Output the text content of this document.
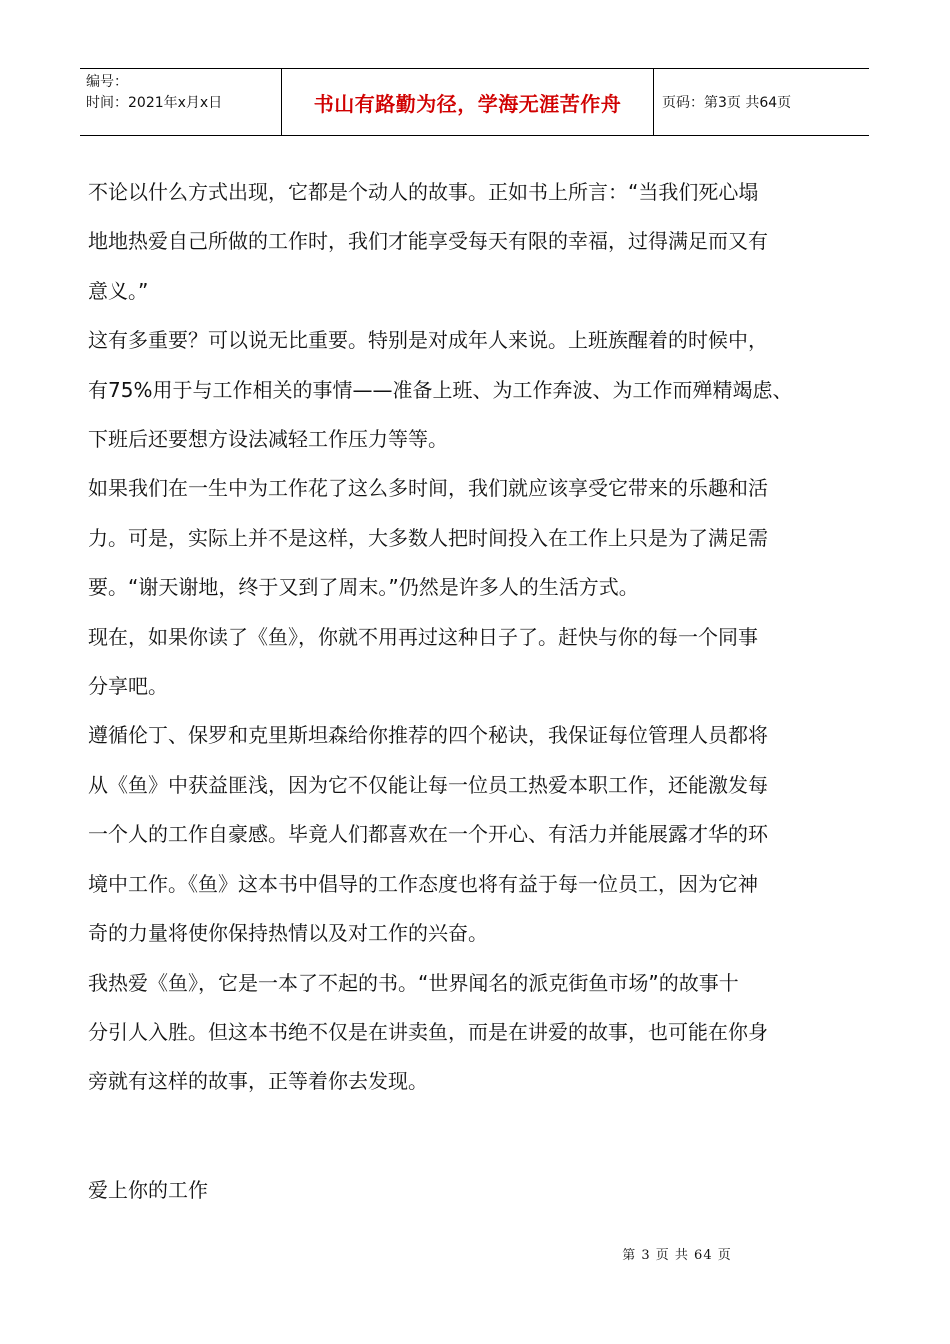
编号：
时间：2021年x月x日	书山有路勤为径，学海无涯苦作舟	页码：第3页 共64页

不论以什么方式出现，它都是个动人的故事。正如书上所言：“当我们死心塌

地地热爱自己所做的工作时，我们才能享受每天有限的幸福，过得满足而又有

意义。”

这有多重要？可以说无比重要。特别是对成年人来说。上班族醒着的时候中，

有75%用于与工作相关的事情——准备上班、为工作奔波、为工作而殚精竭虑、

下班后还要想方设法减轻工作压力等等。

如果我们在一生中为工作花了这么多时间，我们就应该享受它带来的乐趣和活

力。可是，实际上并不是这样，大多数人把时间投入在工作上只是为了满足需

要。“谢天谢地，终于又到了周末。”仍然是许多人的生活方式。

现在，如果你读了《鱼》，你就不用再过这种日子了。赶快与你的每一个同事

分享吧。

遵循伦丁、保罗和克里斯坦森给你推荐的四个秘诀，我保证每位管理人员都将

从《鱼》中获益匪浅，因为它不仅能让每一位员工热爱本职工作，还能激发每

一个人的工作自豪感。毕竟人们都喜欢在一个开心、有活力并能展露才华的环

境中工作。《鱼》这本书中倡导的工作态度也将有益于每一位员工，因为它神

奇的力量将使你保持热情以及对工作的兴奋。

我热爱《鱼》，它是一本了不起的书。“世界闻名的派克街鱼市场”的故事十

分引人入胜。但这本书绝不仅是在讲卖鱼，而是在讲爱的故事，也可能在你身

旁就有这样的故事，正等着你去发现。

爱上你的工作

第 3 页 共 64 页
